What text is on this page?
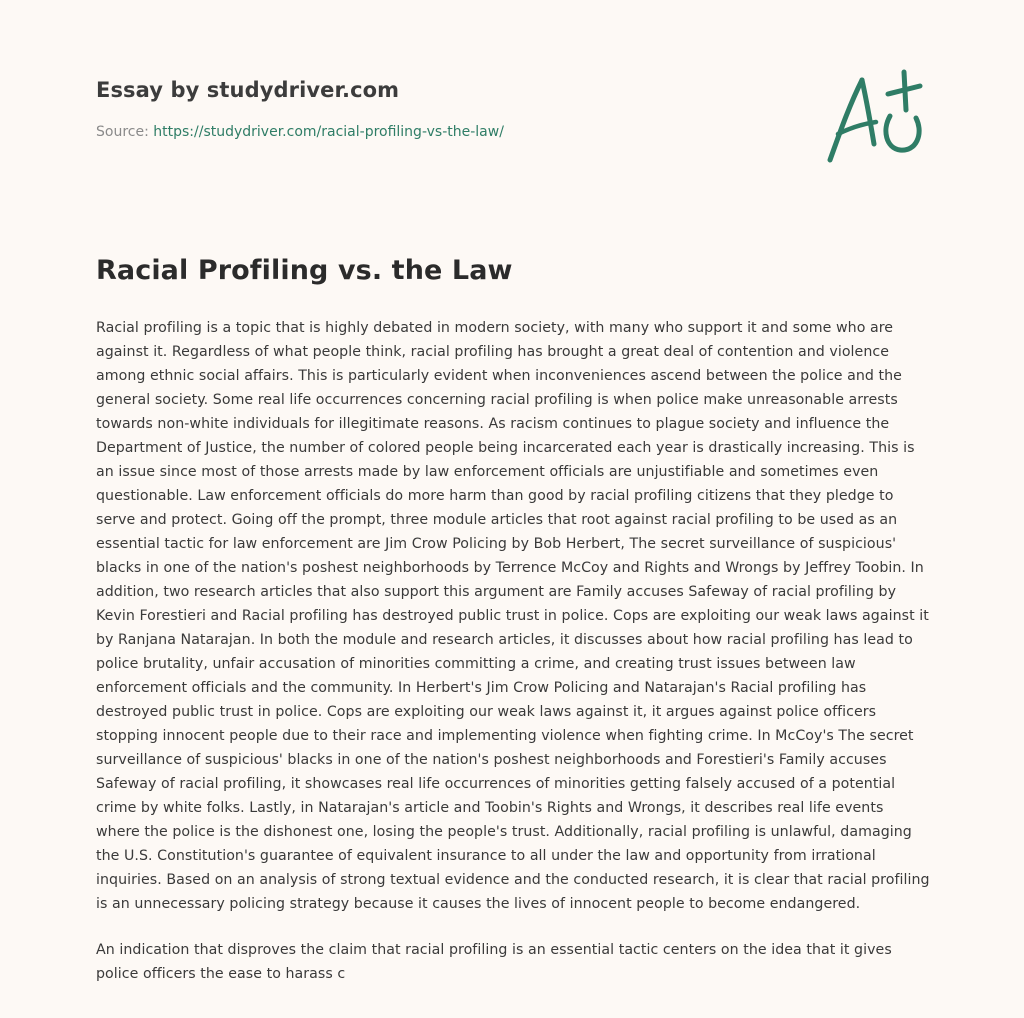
Essay by studydriver.com
Source: https://studydriver.com/racial-profiling-vs-the-law/
Racial Profiling vs. the Law

Racial profiling is a topic that is highly debated in modern society, with many who support it and some who are against it. Regardless of what people think, racial profiling has brought a great deal of contention and violence among ethnic social affairs. This is particularly evident when inconveniences ascend between the police and the general society. Some real life occurrences concerning racial profiling is when police make unreasonable arrests towards non-white individuals for illegitimate reasons. As racism continues to plague society and influence the Department of Justice, the number of colored people being incarcerated each year is drastically increasing. This is an issue since most of those arrests made by law enforcement officials are unjustifiable and sometimes even questionable. Law enforcement officials do more harm than good by racial profiling citizens that they pledge to serve and protect. Going off the prompt, three module articles that root against racial profiling to be used as an essential tactic for law enforcement are Jim Crow Policing by Bob Herbert, The secret surveillance of suspicious' blacks in one of the nation's poshest neighborhoods by Terrence McCoy and Rights and Wrongs by Jeffrey Toobin. In addition, two research articles that also support this argument are Family accuses Safeway of racial profiling by Kevin Forestieri and Racial profiling has destroyed public trust in police. Cops are exploiting our weak laws against it by Ranjana Natarajan. In both the module and research articles, it discusses about how racial profiling has lead to police brutality, unfair accusation of minorities committing a crime, and creating trust issues between law enforcement officials and the community. In Herbert's Jim Crow Policing and Natarajan's Racial profiling has destroyed public trust in police. Cops are exploiting our weak laws against it, it argues against police officers stopping innocent people due to their race and implementing violence when fighting crime. In McCoy's The secret surveillance of suspicious' blacks in one of the nation's poshest neighborhoods and Forestieri's Family accuses Safeway of racial profiling, it showcases real life occurrences of minorities getting falsely accused of a potential crime by white folks. Lastly, in Natarajan's article and Toobin's Rights and Wrongs, it describes real life events where the police is the dishonest one, losing the people's trust. Additionally, racial profiling is unlawful, damaging the U.S. Constitution's guarantee of equivalent insurance to all under the law and opportunity from irrational inquiries. Based on an analysis of strong textual evidence and the conducted research, it is clear that racial profiling is an unnecessary policing strategy because it causes the lives of innocent people to become endangered.

An indication that disproves the claim that racial profiling is an essential tactic centers on the idea that it gives police officers the ease to harass c
